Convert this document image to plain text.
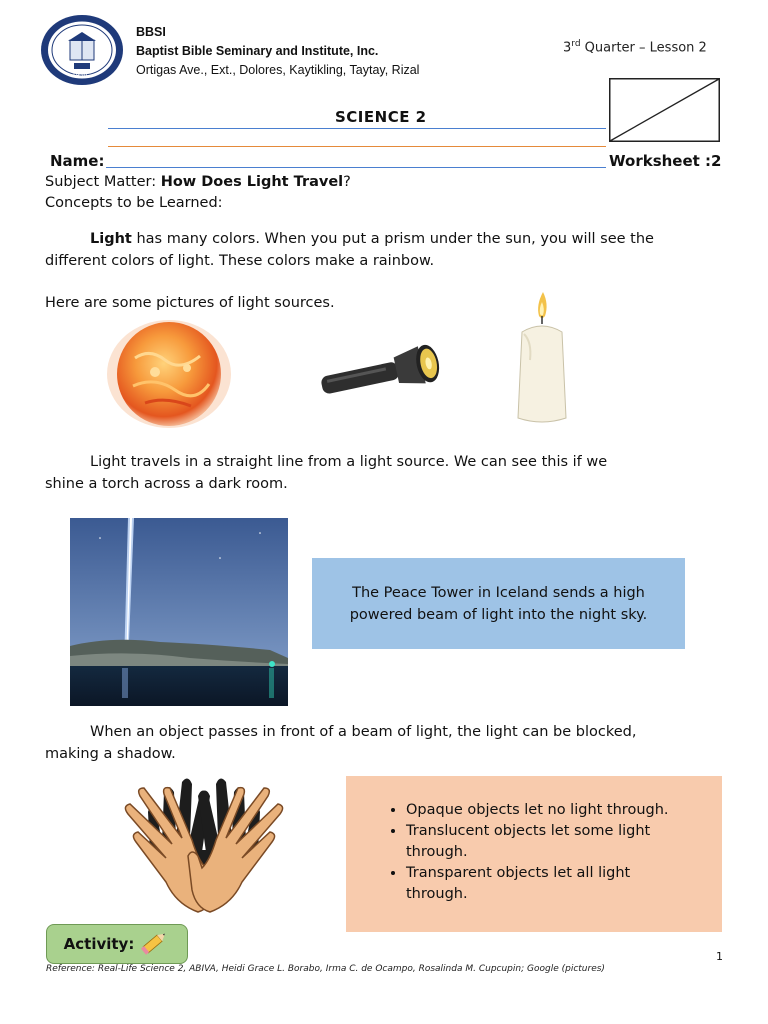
1930
BBSI
Baptist Bible Seminary and Institute, Inc.
Ortigas Ave., Ext., Dolores, Kaytikling, Taytay, Rizal
3rd Quarter – Lesson 2
SCIENCE 2
Name:	Worksheet :2
Subject Matter: How Does Light Travel?
Concepts to be Learned:
Light has many colors. When you put a prism under the sun, you will see the
different colors of light. These colors make a rainbow.
Here are some pictures of light sources.
Light travels in a straight line from a light source. We can see this if we
shine a torch across a dark room.
The Peace Tower in Iceland sends a high
powered beam of light into the night sky.
When an object passes in front of a beam of light, the light can be blocked,
making a shadow.
• Opaque objects let no light through.
• Translucent objects let some light
through.
• Transparent objects let all light
through.
Activity:
1
Reference: Real-Life Science 2, ABIVA, Heidi Grace L. Borabo, Irma C. de Ocampo, Rosalinda M. Cupcupin; Google (pictures)
